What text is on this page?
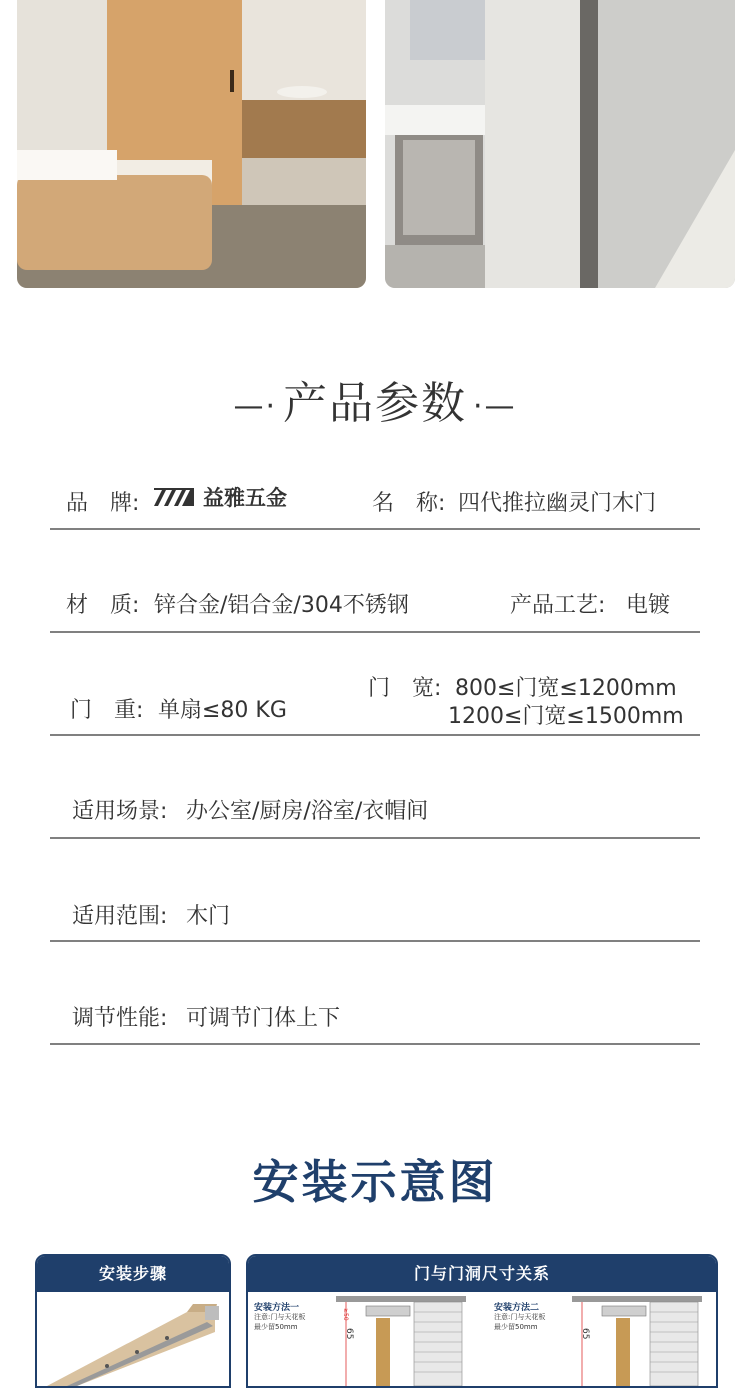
—· 产品参数 ·—
品　牌:	益雅五金	名　称: 四代推拉幽灵门木门
材　质: 锌合金/铝合金/304不锈钢	产品工艺: 电镀
门　重: 单扇≤80 KG
门　宽: 800≤门宽≤1200mm
1200≤门宽≤1500mm
适用场景: 办公室/厨房/浴室/衣帽间
适用范围: 木门
调节性能: 可调节门体上下
安装示意图
安装步骤	门与门洞尺寸关系
安装方法一
注意:门与天花板
最少留50mm
65
≥50	安装方法二
注意:门与天花板
最少留50mm
65
